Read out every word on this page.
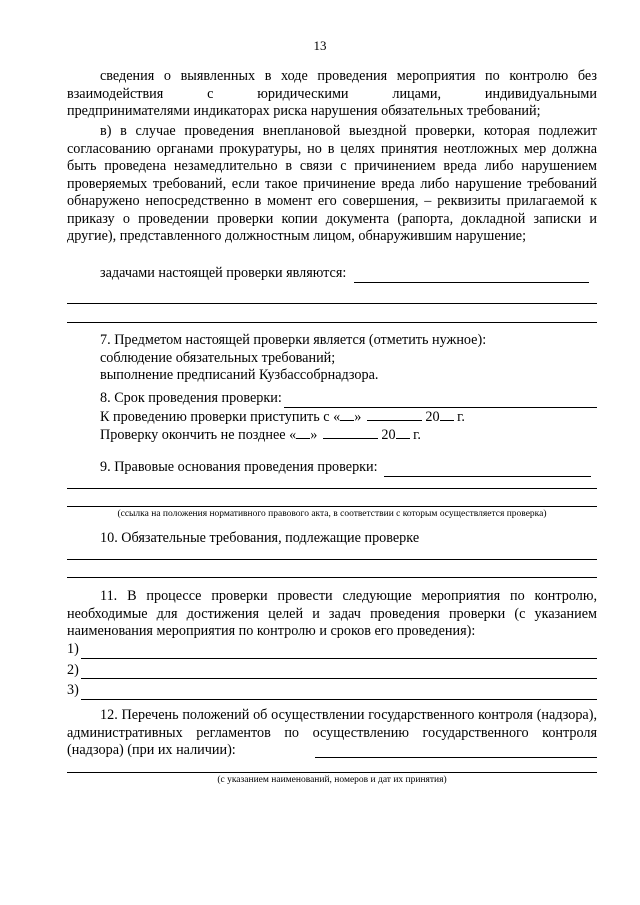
13

сведения о выявленных в ходе проведения мероприятия по контролю без

взаимодействия	с	юридическими	лицами,	индивидуальными

предпринимателями индикаторах риска нарушения обязательных требований;

в) в случае проведения внеплановой выездной проверки, которая подлежит согласованию органами прокуратуры, но в целях принятия неотложных мер должна быть проведена незамедлительно в связи с причинением вреда либо нарушением проверяемых требований, если такое причинение вреда либо нарушение требований обнаружено непосредственно в момент его совершения, – реквизиты прилагаемой к приказу о проведении проверки копии документа (рапорта, докладной записки и другие), представленного должностным лицом, обнаружившим нарушение;

задачами настоящей проверки являются:

7. Предметом настоящей проверки является (отметить нужное):

соблюдение обязательных требований;

выполнение предписаний Кузбассобрнадзора.

8. Срок проведения проверки:

К проведению проверки приступить с « »	20 г.

Проверку окончить не позднее « »	20 г.

9. Правовые основания проведения проверки:

(ссылка на положения нормативного правового акта, в соответствии с которым осуществляется проверка)

10. Обязательные требования, подлежащие проверке

11. В процессе проверки провести следующие мероприятия по контролю, необходимые для достижения целей и задач проведения проверки (с указанием наименования мероприятия по контролю и сроков его проведения):

1)
2)
3)

12. Перечень положений об осуществлении государственного контроля (надзора), административных регламентов по осуществлению государственного контроля (надзора) (при их наличии):

(с указанием наименований, номеров и дат их принятия)
